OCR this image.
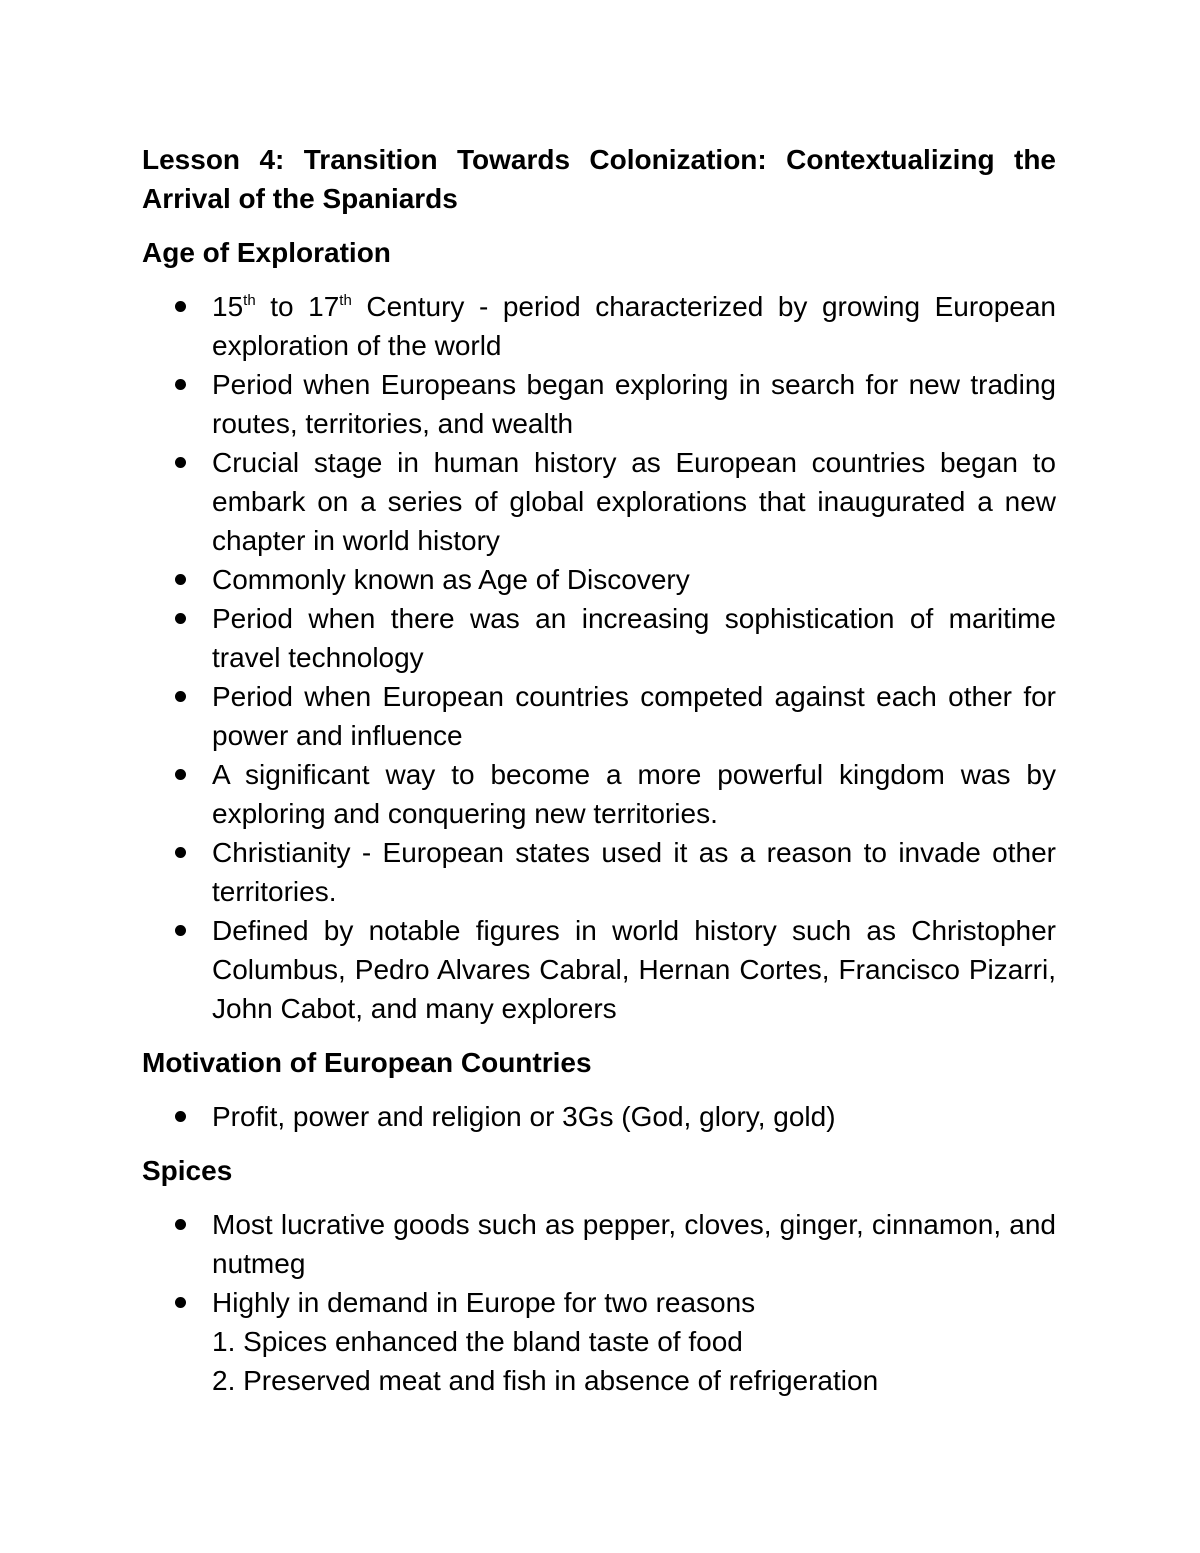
Lesson 4: Transition Towards Colonization: Contextualizing the Arrival of the Spaniards

Age of Exploration

15th to 17th Century - period characterized by growing European exploration of the world
Period when Europeans began exploring in search for new trading routes, territories, and wealth
Crucial stage in human history as European countries began to embark on a series of global explorations that inaugurated a new chapter in world history
Commonly known as Age of Discovery
Period when there was an increasing sophistication of maritime travel technology
Period when European countries competed against each other for power and influence
A significant way to become a more powerful kingdom was by exploring and conquering new territories.
Christianity - European states used it as a reason to invade other territories.
Defined by notable figures in world history such as Christopher Columbus, Pedro Alvares Cabral, Hernan Cortes, Francisco Pizarri, John Cabot, and many explorers

Motivation of European Countries

Profit, power and religion or 3Gs (God, glory, gold)

Spices

Most lucrative goods such as pepper, cloves, ginger, cinnamon, and nutmeg
Highly in demand in Europe for two reasons
1. Spices enhanced the bland taste of food
2. Preserved meat and fish in absence of refrigeration
